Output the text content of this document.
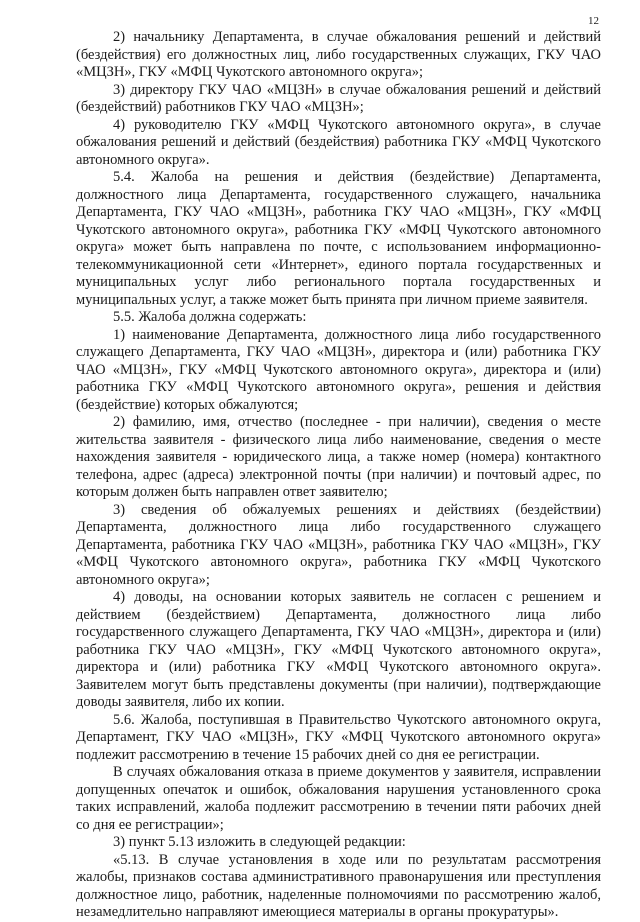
12

2) начальнику Департамента, в случае обжалования решений и действий (бездействия) его должностных лиц, либо государственных служащих, ГКУ ЧАО «МЦЗН», ГКУ «МФЦ Чукотского автономного округа»;

3) директору ГКУ ЧАО «МЦЗН» в случае обжалования решений и действий (бездействий) работников ГКУ ЧАО «МЦЗН»;

4) руководителю ГКУ «МФЦ Чукотского автономного округа», в случае обжалования решений и действий (бездействия) работника ГКУ «МФЦ Чукотского автономного округа».

5.4. Жалоба на решения и действия (бездействие) Департамента, должностного лица Департамента, государственного служащего, начальника Департамента, ГКУ ЧАО «МЦЗН», работника ГКУ ЧАО «МЦЗН», ГКУ «МФЦ Чукотского автономного округа», работника ГКУ «МФЦ Чукотского автономного округа» может быть направлена по почте, с использованием информационно-телекоммуникационной сети «Интернет», единого портала государственных и муниципальных услуг либо регионального портала государственных и муниципальных услуг, а также может быть принята при личном приеме заявителя.

5.5. Жалоба должна содержать:

1) наименование Департамента, должностного лица либо государственного служащего Департамента, ГКУ ЧАО «МЦЗН», директора и (или) работника ГКУ ЧАО «МЦЗН», ГКУ «МФЦ Чукотского автономного округа», директора и (или) работника ГКУ «МФЦ Чукотского автономного округа», решения и действия (бездействие) которых обжалуются;

2) фамилию, имя, отчество (последнее - при наличии), сведения о месте жительства заявителя - физического лица либо наименование, сведения о месте нахождения заявителя - юридического лица, а также номер (номера) контактного телефона, адрес (адреса) электронной почты (при наличии) и почтовый адрес, по которым должен быть направлен ответ заявителю;

3) сведения об обжалуемых решениях и действиях (бездействии) Департамента, должностного лица либо государственного служащего Департамента, работника ГКУ ЧАО «МЦЗН», работника ГКУ ЧАО «МЦЗН», ГКУ «МФЦ Чукотского автономного округа», работника ГКУ «МФЦ Чукотского автономного округа»;

4) доводы, на основании которых заявитель не согласен с решением и действием (бездействием) Департамента, должностного лица либо государственного служащего Департамента, ГКУ ЧАО «МЦЗН», директора и (или) работника ГКУ ЧАО «МЦЗН», ГКУ «МФЦ Чукотского автономного округа», директора и (или) работника ГКУ «МФЦ Чукотского автономного округа». Заявителем могут быть представлены документы (при наличии), подтверждающие доводы заявителя, либо их копии.

5.6. Жалоба, поступившая в Правительство Чукотского автономного округа, Департамент, ГКУ ЧАО «МЦЗН», ГКУ «МФЦ Чукотского автономного округа» подлежит рассмотрению в течение 15 рабочих дней со дня ее регистрации.

В случаях обжалования отказа в приеме документов у заявителя, исправлении допущенных опечаток и ошибок, обжалования нарушения установленного срока таких исправлений, жалоба подлежит рассмотрению в течении пяти рабочих дней со дня ее регистрации»;

3) пункт 5.13 изложить в следующей редакции:

«5.13. В случае установления в ходе или по результатам рассмотрения жалобы, признаков состава административного правонарушения или преступления должностное лицо, работник, наделенные полномочиями по рассмотрению жалоб, незамедлительно направляют имеющиеся материалы в органы прокуратуры».
